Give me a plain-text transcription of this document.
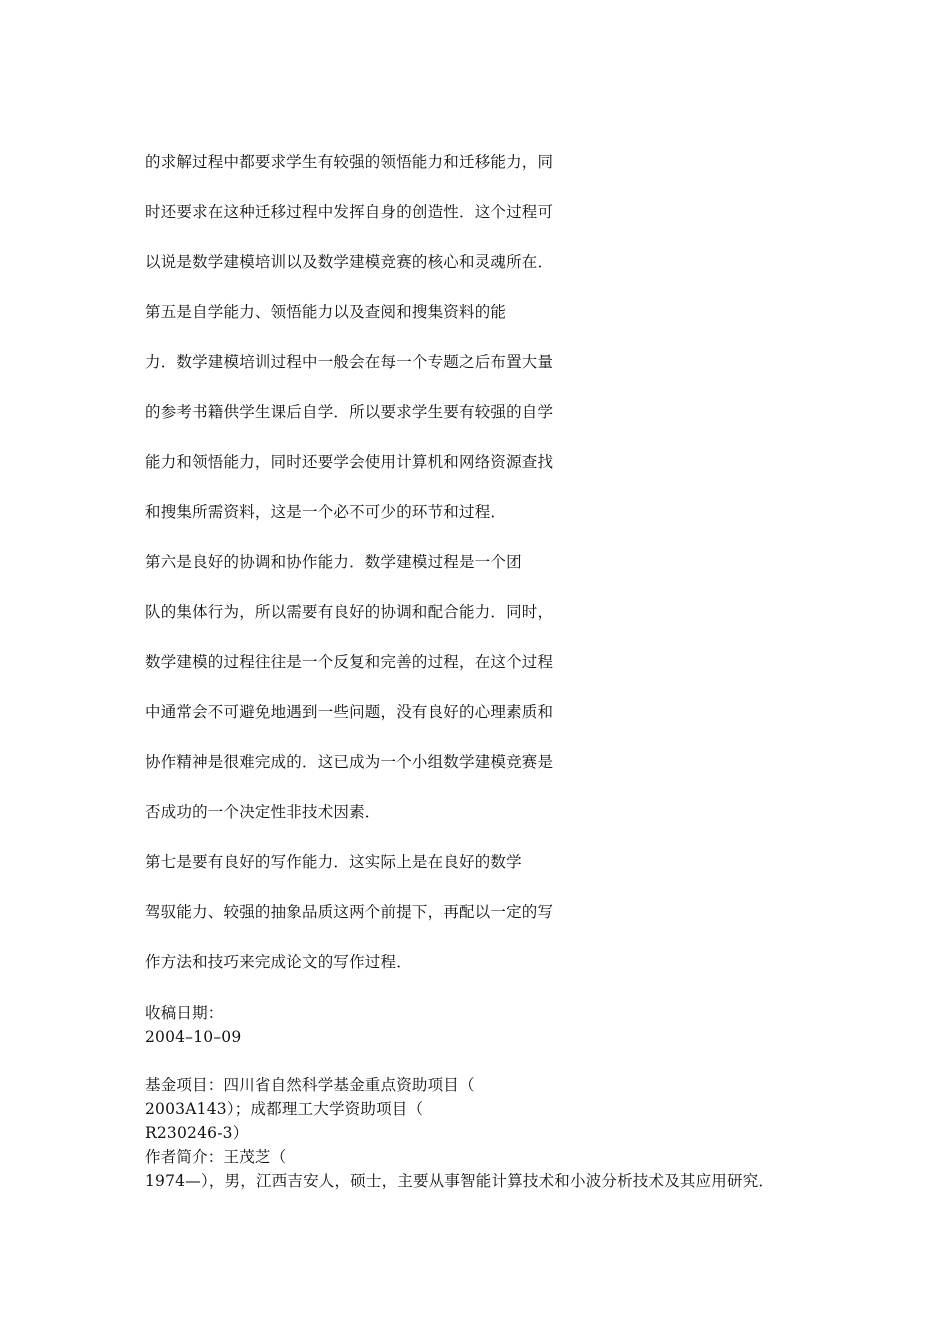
的求解过程中都要求学生有较强的领悟能力和迁移能力，同
时还要求在这种迁移过程中发挥自身的创造性．这个过程可
以说是数学建模培训以及数学建模竞赛的核心和灵魂所在．
第五是自学能力、领悟能力以及查阅和搜集资料的能
力．数学建模培训过程中一般会在每一个专题之后布置大量
的参考书籍供学生课后自学．所以要求学生要有较强的自学
能力和领悟能力，同时还要学会使用计算机和网络资源查找
和搜集所需资料，这是一个必不可少的环节和过程．
第六是良好的协调和协作能力．数学建模过程是一个团
队的集体行为，所以需要有良好的协调和配合能力．同时，
数学建模的过程往往是一个反复和完善的过程，在这个过程
中通常会不可避免地遇到一些问题，没有良好的心理素质和
协作精神是很难完成的．这已成为一个小组数学建模竞赛是
否成功的一个决定性非技术因素．
第七是要有良好的写作能力．这实际上是在良好的数学
驾驭能力、较强的抽象品质这两个前提下，再配以一定的写
作方法和技巧来完成论文的写作过程．
收稿日期：
2004–10–09
基金项目：四川省自然科学基金重点资助项目（
2003A143）；成都理工大学资助项目（
R230246-3）
作者简介：王茂芝（
1974—），男，江西吉安人，硕士，主要从事智能计算技术和小波分析技术及其应用研究．
